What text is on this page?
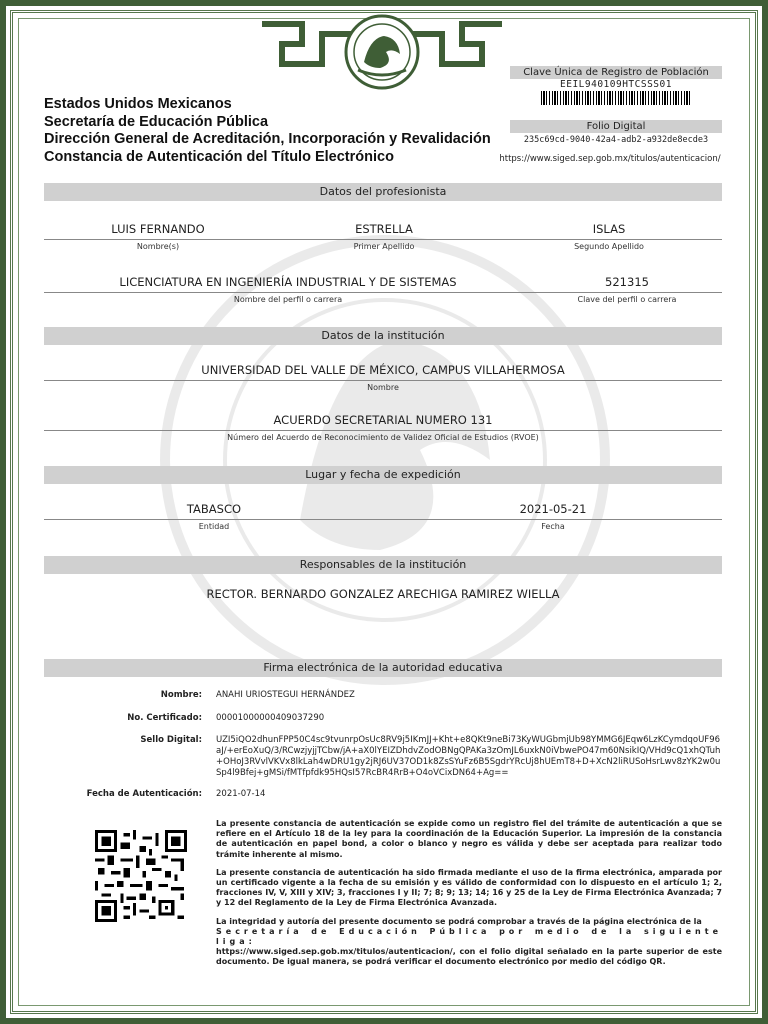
Estados Unidos Mexicanos
Secretaría de Educación Pública
Dirección General de Acreditación, Incorporación y Revalidación
Constancia de Autenticación del Título Electrónico
Clave Única de Registro de Población
EEIL940109HTCSSS01
Folio Digital
235c69cd-9040-42a4-adb2-a932de8ecde3
https://www.siged.sep.gob.mx/titulos/autenticacion/
Datos del profesionista
LUIS FERNANDO
Nombre(s)
ESTRELLA
Primer Apellido
ISLAS
Segundo Apellido
LICENCIATURA EN INGENIERÍA INDUSTRIAL Y DE SISTEMAS
Nombre del perfil o carrera
521315
Clave del perfil o carrera
Datos de la institución
UNIVERSIDAD DEL VALLE DE MÉXICO, CAMPUS VILLAHERMOSA
Nombre
ACUERDO SECRETARIAL NUMERO 131
Número del Acuerdo de Reconocimiento de Validez Oficial de Estudios (RVOE)
Lugar y fecha de expedición
TABASCO
Entidad
2021-05-21
Fecha
Responsables de la institución
RECTOR. BERNARDO GONZALEZ ARECHIGA RAMIREZ WIELLA
Firma electrónica de la autoridad educativa
Nombre: ANAHI URIOSTEGUI HERNÁNDEZ
No. Certificado: 00001000000409037290
Sello Digital: UZI5iQO2dhunFPP50C4sc9tvunrpOsUc8RV9j5IKmJJ+Kht+e8QKt9neBi73KyWUGbmjUb98YMMG6JEqw6LzKCymdqoUF96aJ/+erEoXuQ/3/RCwzjyjjTCbw/jA+aX0lYEIZDhdvZodOBNgQPAKa3zOmJL6uxkN0iVbwePO47m60NsikIQ/VHd9cQ1xhQTuh+OHoJ3RVvlVKVx8lkLah4wDRU1gy2jRJ6UV37OD1k8ZsSYuFz6B5SgdrYRcUj8hUEmT8+D+XcN2liRUSoHsrLwv8zYK2w0uSp4l9Bfej+gMSi/fMTfpfdk95HQsI57RcBR4RrB+O4oVCixDN64+Ag==
Fecha de Autenticación: 2021-07-14

La presente constancia de autenticación se expide como un registro fiel del trámite de autenticación a que se refiere en el Artículo 18 de la ley para la coordinación de la Educación Superior. La impresión de la constancia de autenticación en papel bond, a color o blanco y negro es válida y debe ser aceptada para realizar todo trámite inherente al mismo.

La presente constancia de autenticación ha sido firmada mediante el uso de la firma electrónica, amparada por un certificado vigente a la fecha de su emisión y es válido de conformidad con lo dispuesto en el artículo 1; 2, fracciones IV, V, XIII y XIV; 3, fracciones I y II; 7; 8; 9; 13; 14; 16 y 25 de la Ley de Firma Electrónica Avanzada; 7 y 12 del Reglamento de la Ley de Firma Electrónica Avanzada.

La integridad y autoría del presente documento se podrá comprobar a través de la página electrónica de la

Secretaría de Educación Pública por medio de la siguiente liga:

https://www.siged.sep.gob.mx/titulos/autenticacion/, con el folio digital señalado en la parte superior de este documento. De igual manera, se podrá verificar el documento electrónico por medio del código QR.
